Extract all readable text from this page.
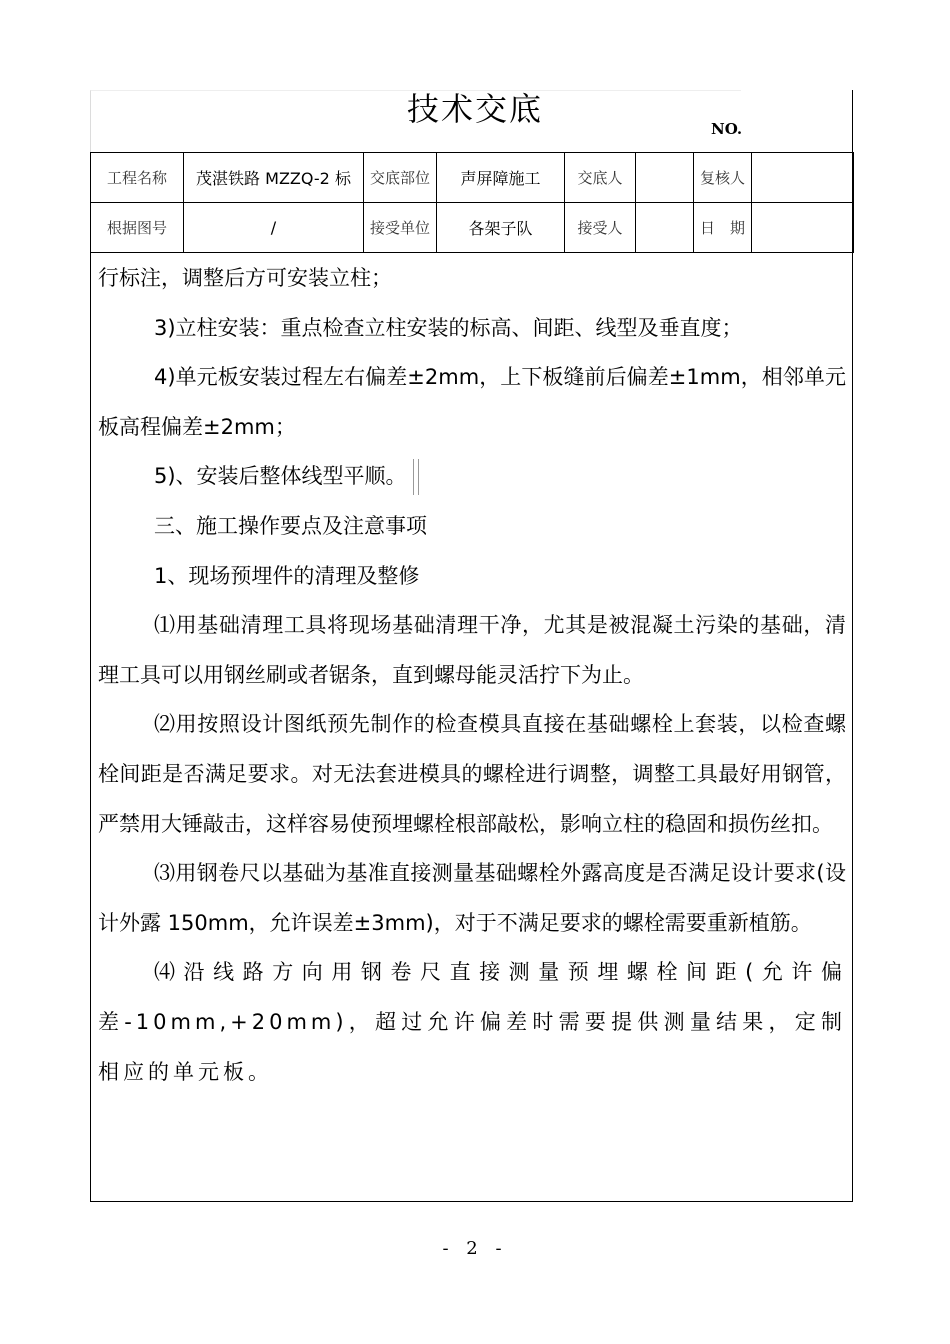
技术交底
NO.
工程名称	茂湛铁路 MZZQ-2 标	交底部位	声屏障施工	交底人		复核人	
根据图号	/	接受单位	各架子队	接受人		日　期	

行标注，调整后方可安装立柱；

3)立柱安装：重点检查立柱安装的标高、间距、线型及垂直度；

4)单元板安装过程左右偏差±2mm，上下板缝前后偏差±1mm，相邻单元板高程偏差±2mm；

5)、安装后整体线型平顺。

三、施工操作要点及注意事项

1、现场预埋件的清理及整修

⑴用基础清理工具将现场基础清理干净，尤其是被混凝土污染的基础，清理工具可以用钢丝刷或者锯条，直到螺母能灵活拧下为止。

⑵用按照设计图纸预先制作的检查模具直接在基础螺栓上套装，以检查螺栓间距是否满足要求。对无法套进模具的螺栓进行调整，调整工具最好用钢管，严禁用大锤敲击，这样容易使预埋螺栓根部敲松，影响立柱的稳固和损伤丝扣。

⑶用钢卷尺以基础为基准直接测量基础螺栓外露高度是否满足设计要求(设计外露 150mm，允许误差±3mm)，对于不满足要求的螺栓需要重新植筋。

⑷沿线路方向用钢卷尺直接测量预埋螺栓间距(允许偏差-10mm,+20mm)，超过允许偏差时需要提供测量结果，定制相应的单元板。

- 2 -
